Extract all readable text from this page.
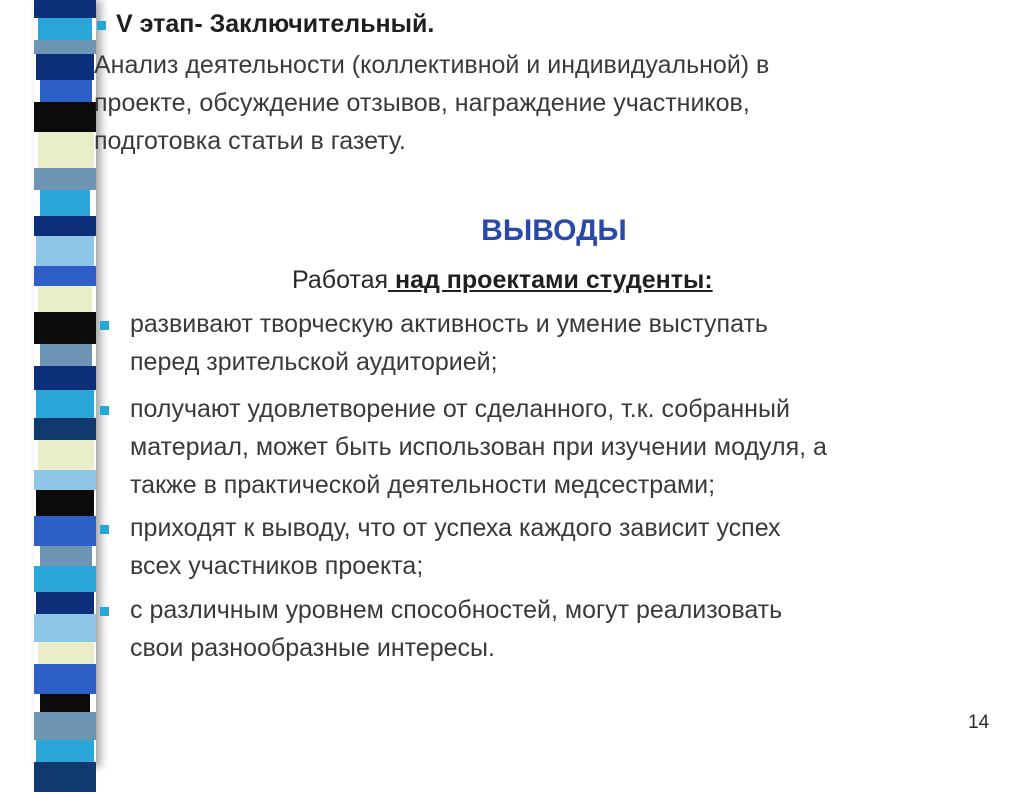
V этап- Заключительный.
Анализ деятельности (коллективной и индивидуальной) в
проекте, обсуждение отзывов, награждение участников,
подготовка статьи в газету.
ВЫВОДЫ
Работая над проектами студенты:
развивают творческую активность и умение выступать
перед зрительской аудиторией;
получают удовлетворение от сделанного, т.к. собранный
материал, может быть использован при изучении модуля, а
также в практической деятельности медсестрами;
приходят к выводу, что от успеха каждого зависит успех
всех участников проекта;
с различным уровнем способностей, могут реализовать
свои разнообразные интересы.
14
